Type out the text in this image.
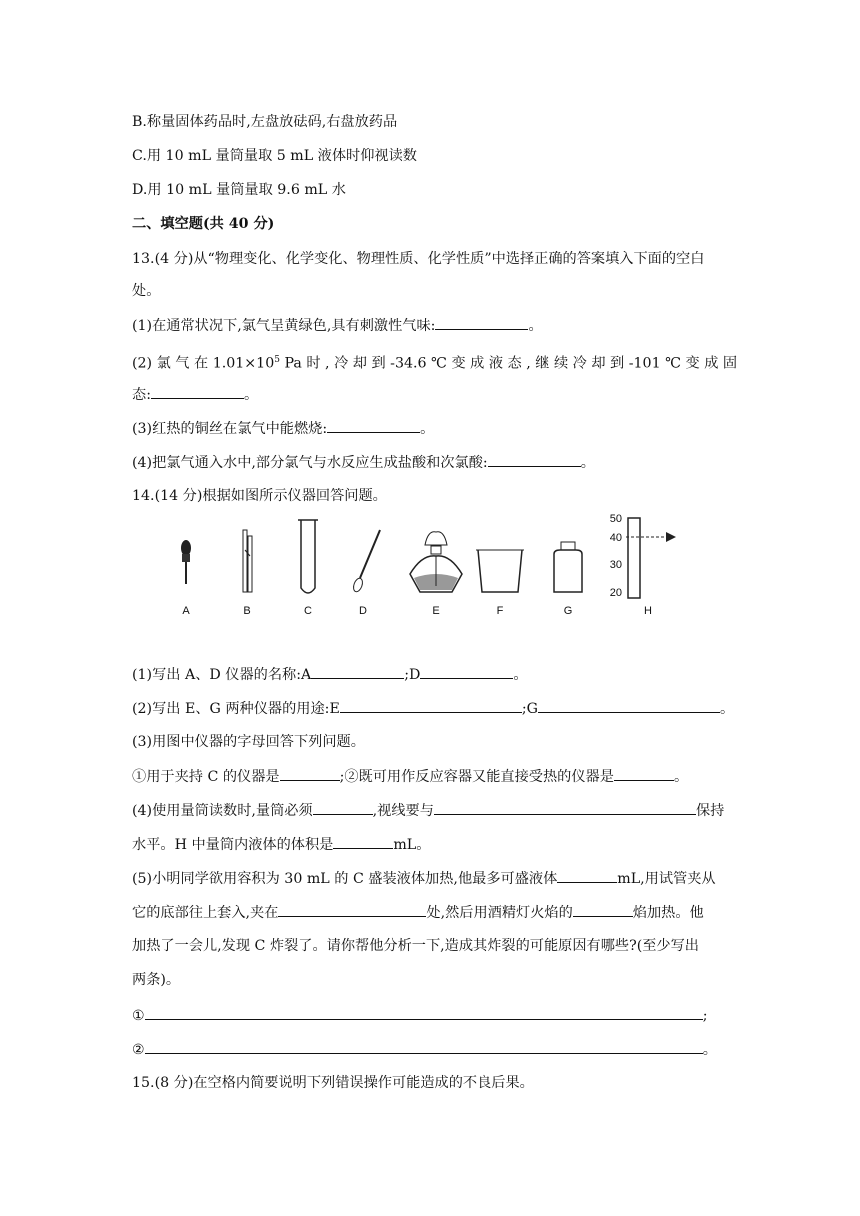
B.称量固体药品时,左盘放砝码,右盘放药品
C.用 10 mL 量筒量取 5 mL 液体时仰视读数
D.用 10 mL 量筒量取 9.6 mL 水
二、填空题(共 40 分)
13.(4 分)从“物理变化、化学变化、物理性质、化学性质”中选择正确的答案填入下面的空白
处。
(1)在通常状况下,氯气呈黄绿色,具有刺激性气味:	。
(2) 氯 气 在 $1.01\times 10^5$ Pa 时 , 冷 却 到 -34.6 ℃ 变 成 液 态 , 继 续 冷 却 到 -101 ℃ 变 成 固
态:	。
(3)红热的铜丝在氯气中能燃烧:	。
(4)把氯气通入水中,部分氯气与水反应生成盐酸和次氯酸:	。
14.(14 分)根据如图所示仪器回答问题。
50
40
30
20
A	B	C	D	E	F	G	H
(1)写出 A、D 仪器的名称:A	;D	。
(2)写出 E、G 两种仪器的用途:E	;G	。
(3)用图中仪器的字母回答下列问题。
①用于夹持 C 的仪器是	;②既可用作反应容器又能直接受热的仪器是	。
(4)使用量筒读数时,量筒必须	,视线要与	保持
水平。H 中量筒内液体的体积是	mL。
(5)小明同学欲用容积为 30 mL 的 C 盛装液体加热,他最多可盛液体	mL,用试管夹从
它的底部往上套入,夹在	处,然后用酒精灯火焰的	焰加热。他
加热了一会儿,发现 C 炸裂了。请你帮他分析一下,造成其炸裂的可能原因有哪些?(至少写出
两条)。
①	;
②	。
15.(8 分)在空格内简要说明下列错误操作可能造成的不良后果。
